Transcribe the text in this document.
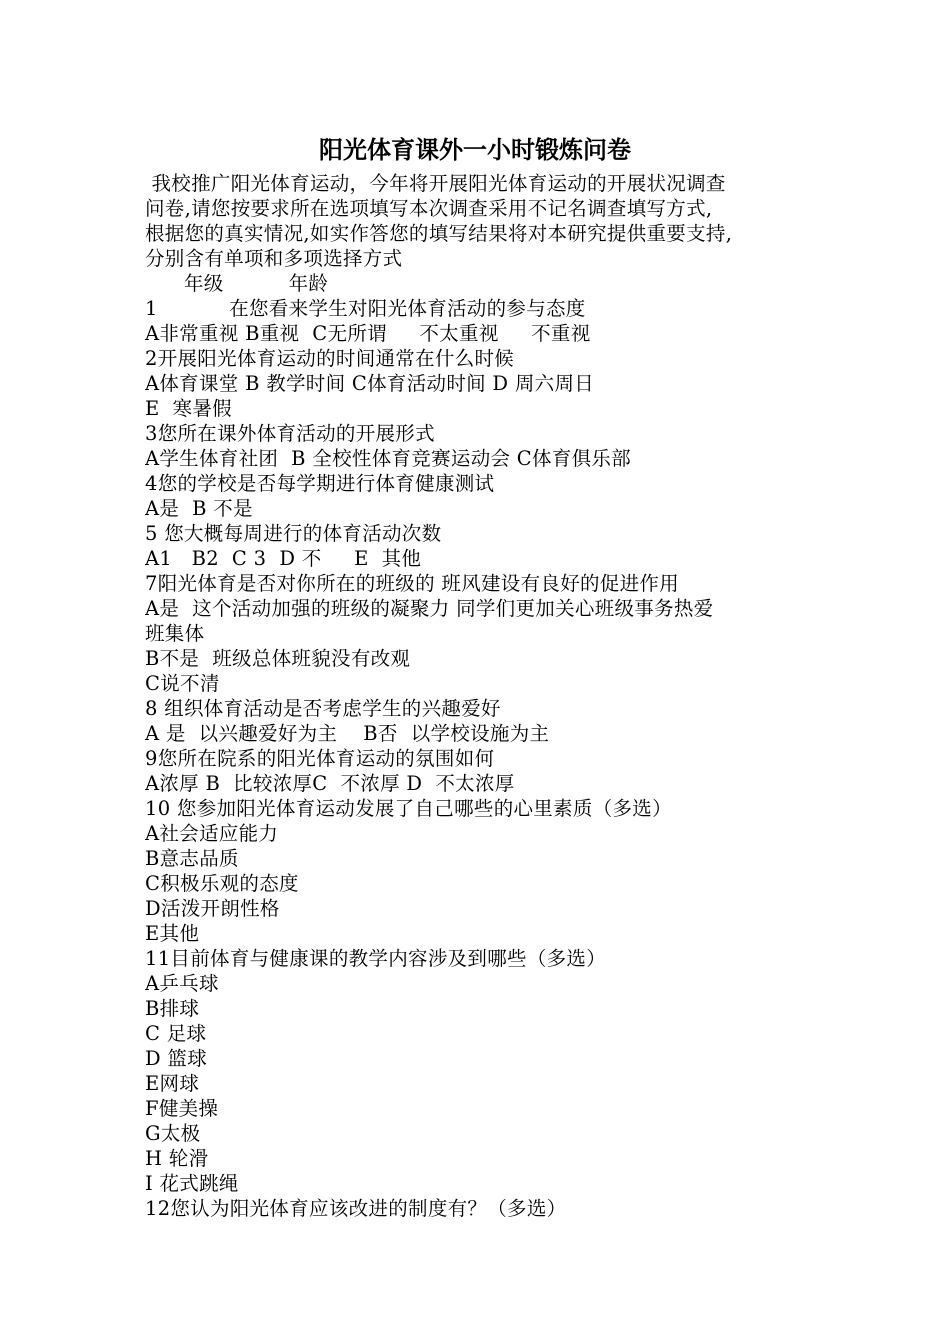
阳光体育课外一小时锻炼问卷
我校推广阳光体育运动，今年将开展阳光体育运动的开展状况调查
问卷,请您按要求所在选项填写本次调查采用不记名调查填写方式,
根据您的真实情况,如实作答您的填写结果将对本研究提供重要支持,
分别含有单项和多项选择方式
年级          年龄
1           在您看来学生对阳光体育活动的参与态度
A非常重视 B重视  C无所谓     不太重视     不重视
2开展阳光体育运动的时间通常在什么时候
A体育课堂 B 教学时间 C体育活动时间 D 周六周日
E  寒暑假
3您所在课外体育活动的开展形式
A学生体育社团  B 全校性体育竞赛运动会 C体育俱乐部
4您的学校是否每学期进行体育健康测试
A是  B 不是
5 您大概每周进行的体育活动次数
A1   B2  C 3  D 不     E  其他
7阳光体育是否对你所在的班级的 班风建设有良好的促进作用
A是  这个活动加强的班级的凝聚力 同学们更加关心班级事务热爱
班集体
B不是  班级总体班貌没有改观
C说不清
8 组织体育活动是否考虑学生的兴趣爱好
A 是  以兴趣爱好为主    B否  以学校设施为主
9您所在院系的阳光体育运动的氛围如何
A浓厚 B  比较浓厚C  不浓厚 D  不太浓厚
10 您参加阳光体育运动发展了自己哪些的心里素质（多选）
A社会适应能力
B意志品质
C积极乐观的态度
D活泼开朗性格
E其他
11目前体育与健康课的教学内容涉及到哪些（多选）
A乒乓球
B排球
C 足球
D 篮球
E网球
F健美操
G太极
H 轮滑
I 花式跳绳
12您认为阳光体育应该改进的制度有？（多选）
